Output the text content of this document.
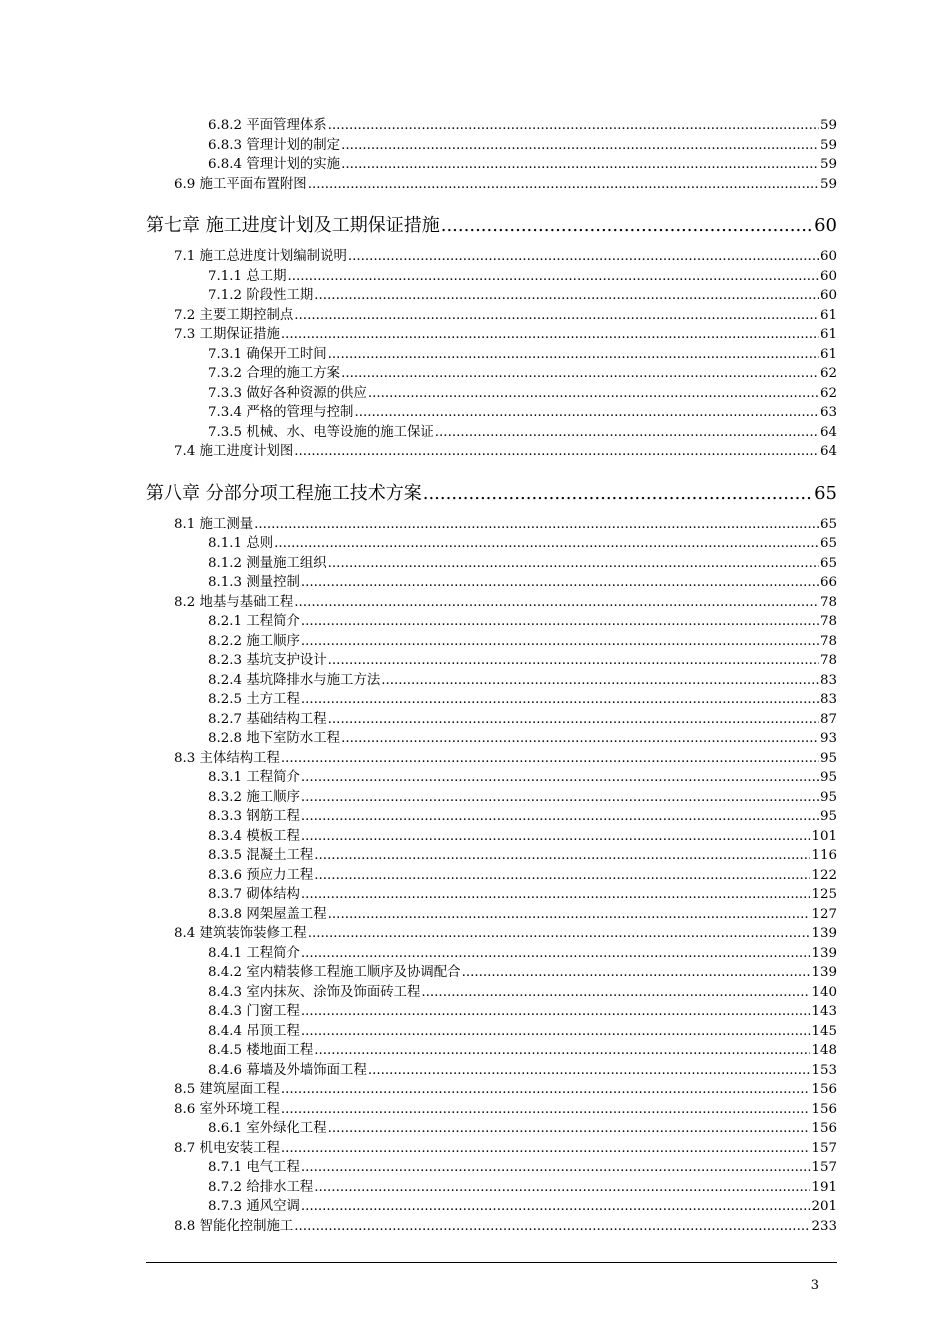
6.8.2 平面管理体系 .....	59
6.8.3 管理计划的制定 .....	59
6.8.4 管理计划的实施 .....	59
6.9 施工平面布置附图 .....	59
第七章 施工进度计划及工期保证措施 .....	60
7.1 施工总进度计划编制说明 .....	60
7.1.1 总工期 .....	60
7.1.2 阶段性工期 .....	60
7.2 主要工期控制点 .....	61
7.3 工期保证措施 .....	61
7.3.1 确保开工时间 .....	61
7.3.2 合理的施工方案 .....	62
7.3.3 做好各种资源的供应 .....	62
7.3.4 严格的管理与控制 .....	63
7.3.5 机械、水、电等设施的施工保证 .....	64
7.4 施工进度计划图 .....	64
第八章 分部分项工程施工技术方案 .....	65
8.1 施工测量 .....	65
8.1.1 总则 .....	65
8.1.2 测量施工组织 .....	65
8.1.3 测量控制 .....	66
8.2 地基与基础工程 .....	78
8.2.1 工程简介 .....	78
8.2.2 施工顺序 .....	78
8.2.3 基坑支护设计 .....	78
8.2.4 基坑降排水与施工方法 .....	83
8.2.5 土方工程 .....	83
8.2.7 基础结构工程 .....	87
8.2.8 地下室防水工程 .....	93
8.3 主体结构工程 .....	95
8.3.1 工程简介 .....	95
8.3.2 施工顺序 .....	95
8.3.3 钢筋工程 .....	95
8.3.4 模板工程 .....	101
8.3.5 混凝土工程 .....	116
8.3.6 预应力工程 .....	122
8.3.7 砌体结构 .....	125
8.3.8 网架屋盖工程 .....	127
8.4 建筑装饰装修工程 .....	139
8.4.1 工程简介 .....	139
8.4.2 室内精装修工程施工顺序及协调配合 .....	139
8.4.3 室内抹灰、涂饰及饰面砖工程 .....	140
8.4.3 门窗工程 .....	143
8.4.4 吊顶工程 .....	145
8.4.5 楼地面工程 .....	148
8.4.6 幕墙及外墙饰面工程 .....	153
8.5 建筑屋面工程 .....	156
8.6 室外环境工程 .....	156
8.6.1 室外绿化工程 .....	156
8.7 机电安装工程 .....	157
8.7.1 电气工程 .....	157
8.7.2 给排水工程 .....	191
8.7.3 通风空调 .....	201
8.8 智能化控制施工 .....	233
3
